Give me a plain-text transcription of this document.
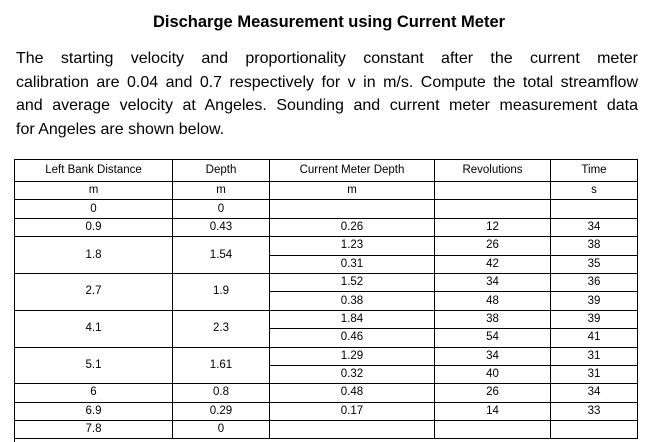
Discharge Measurement using Current Meter
The starting velocity and proportionality constant after the current meter
calibration are 0.04 and 0.7 respectively for v in m/s. Compute the total streamflow
and average velocity at Angeles. Sounding and current meter measurement data
for Angeles are shown below.
Left Bank Distance	Depth	Current Meter Depth	Revolutions	Time
m	m	m		s
0	0			
0.9	0.43	0.26	12	34
1.8	1.54	1.23	26	38
		0.31	42	35
2.7	1.9	1.52	34	36
		0.38	48	39
4.1	2.3	1.84	38	39
		0.46	54	41
5.1	1.61	1.29	34	31
		0.32	40	31
6	0.8	0.48	26	34
6.9	0.29	0.17	14	33
7.8	0			
